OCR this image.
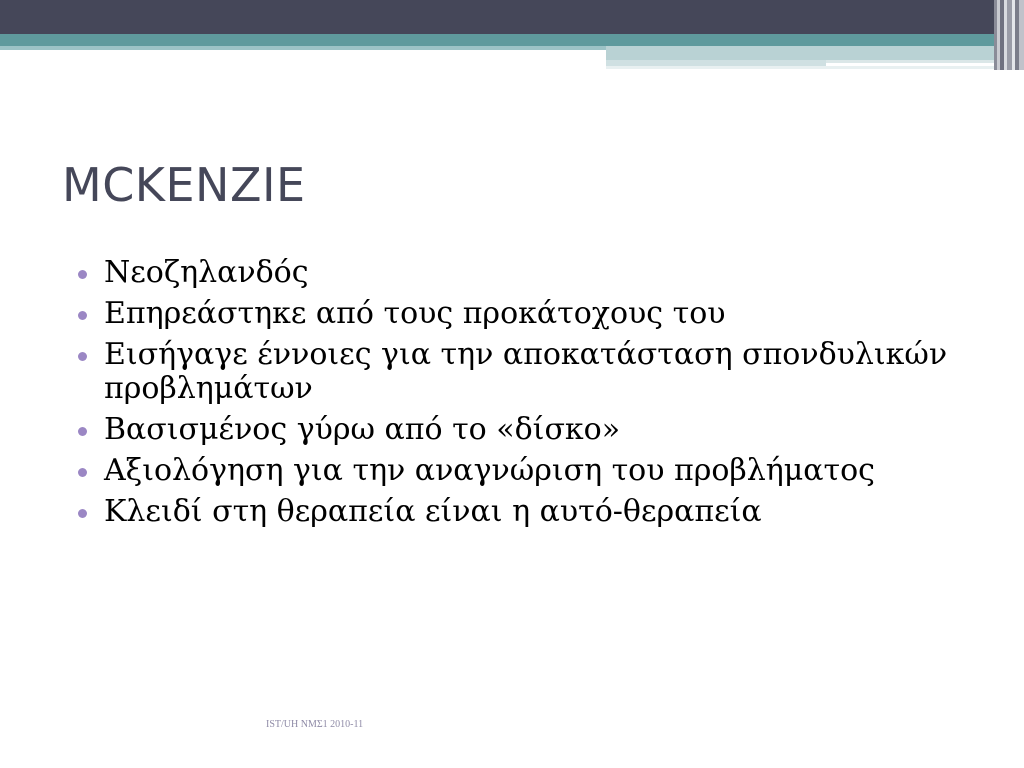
MCKENZIE
Νεοζηλανδός
Επηρεάστηκε από τους προκάτοχους του
Εισήγαγε έννοιες για την αποκατάσταση σπονδυλικών προβλημάτων
Βασισμένος γύρω από το «δίσκο»
Αξιολόγηση για την αναγνώριση του προβλήματος
Κλειδί στη θεραπεία είναι η αυτό-θεραπεία
IST/UH NMΣ1 2010-11
